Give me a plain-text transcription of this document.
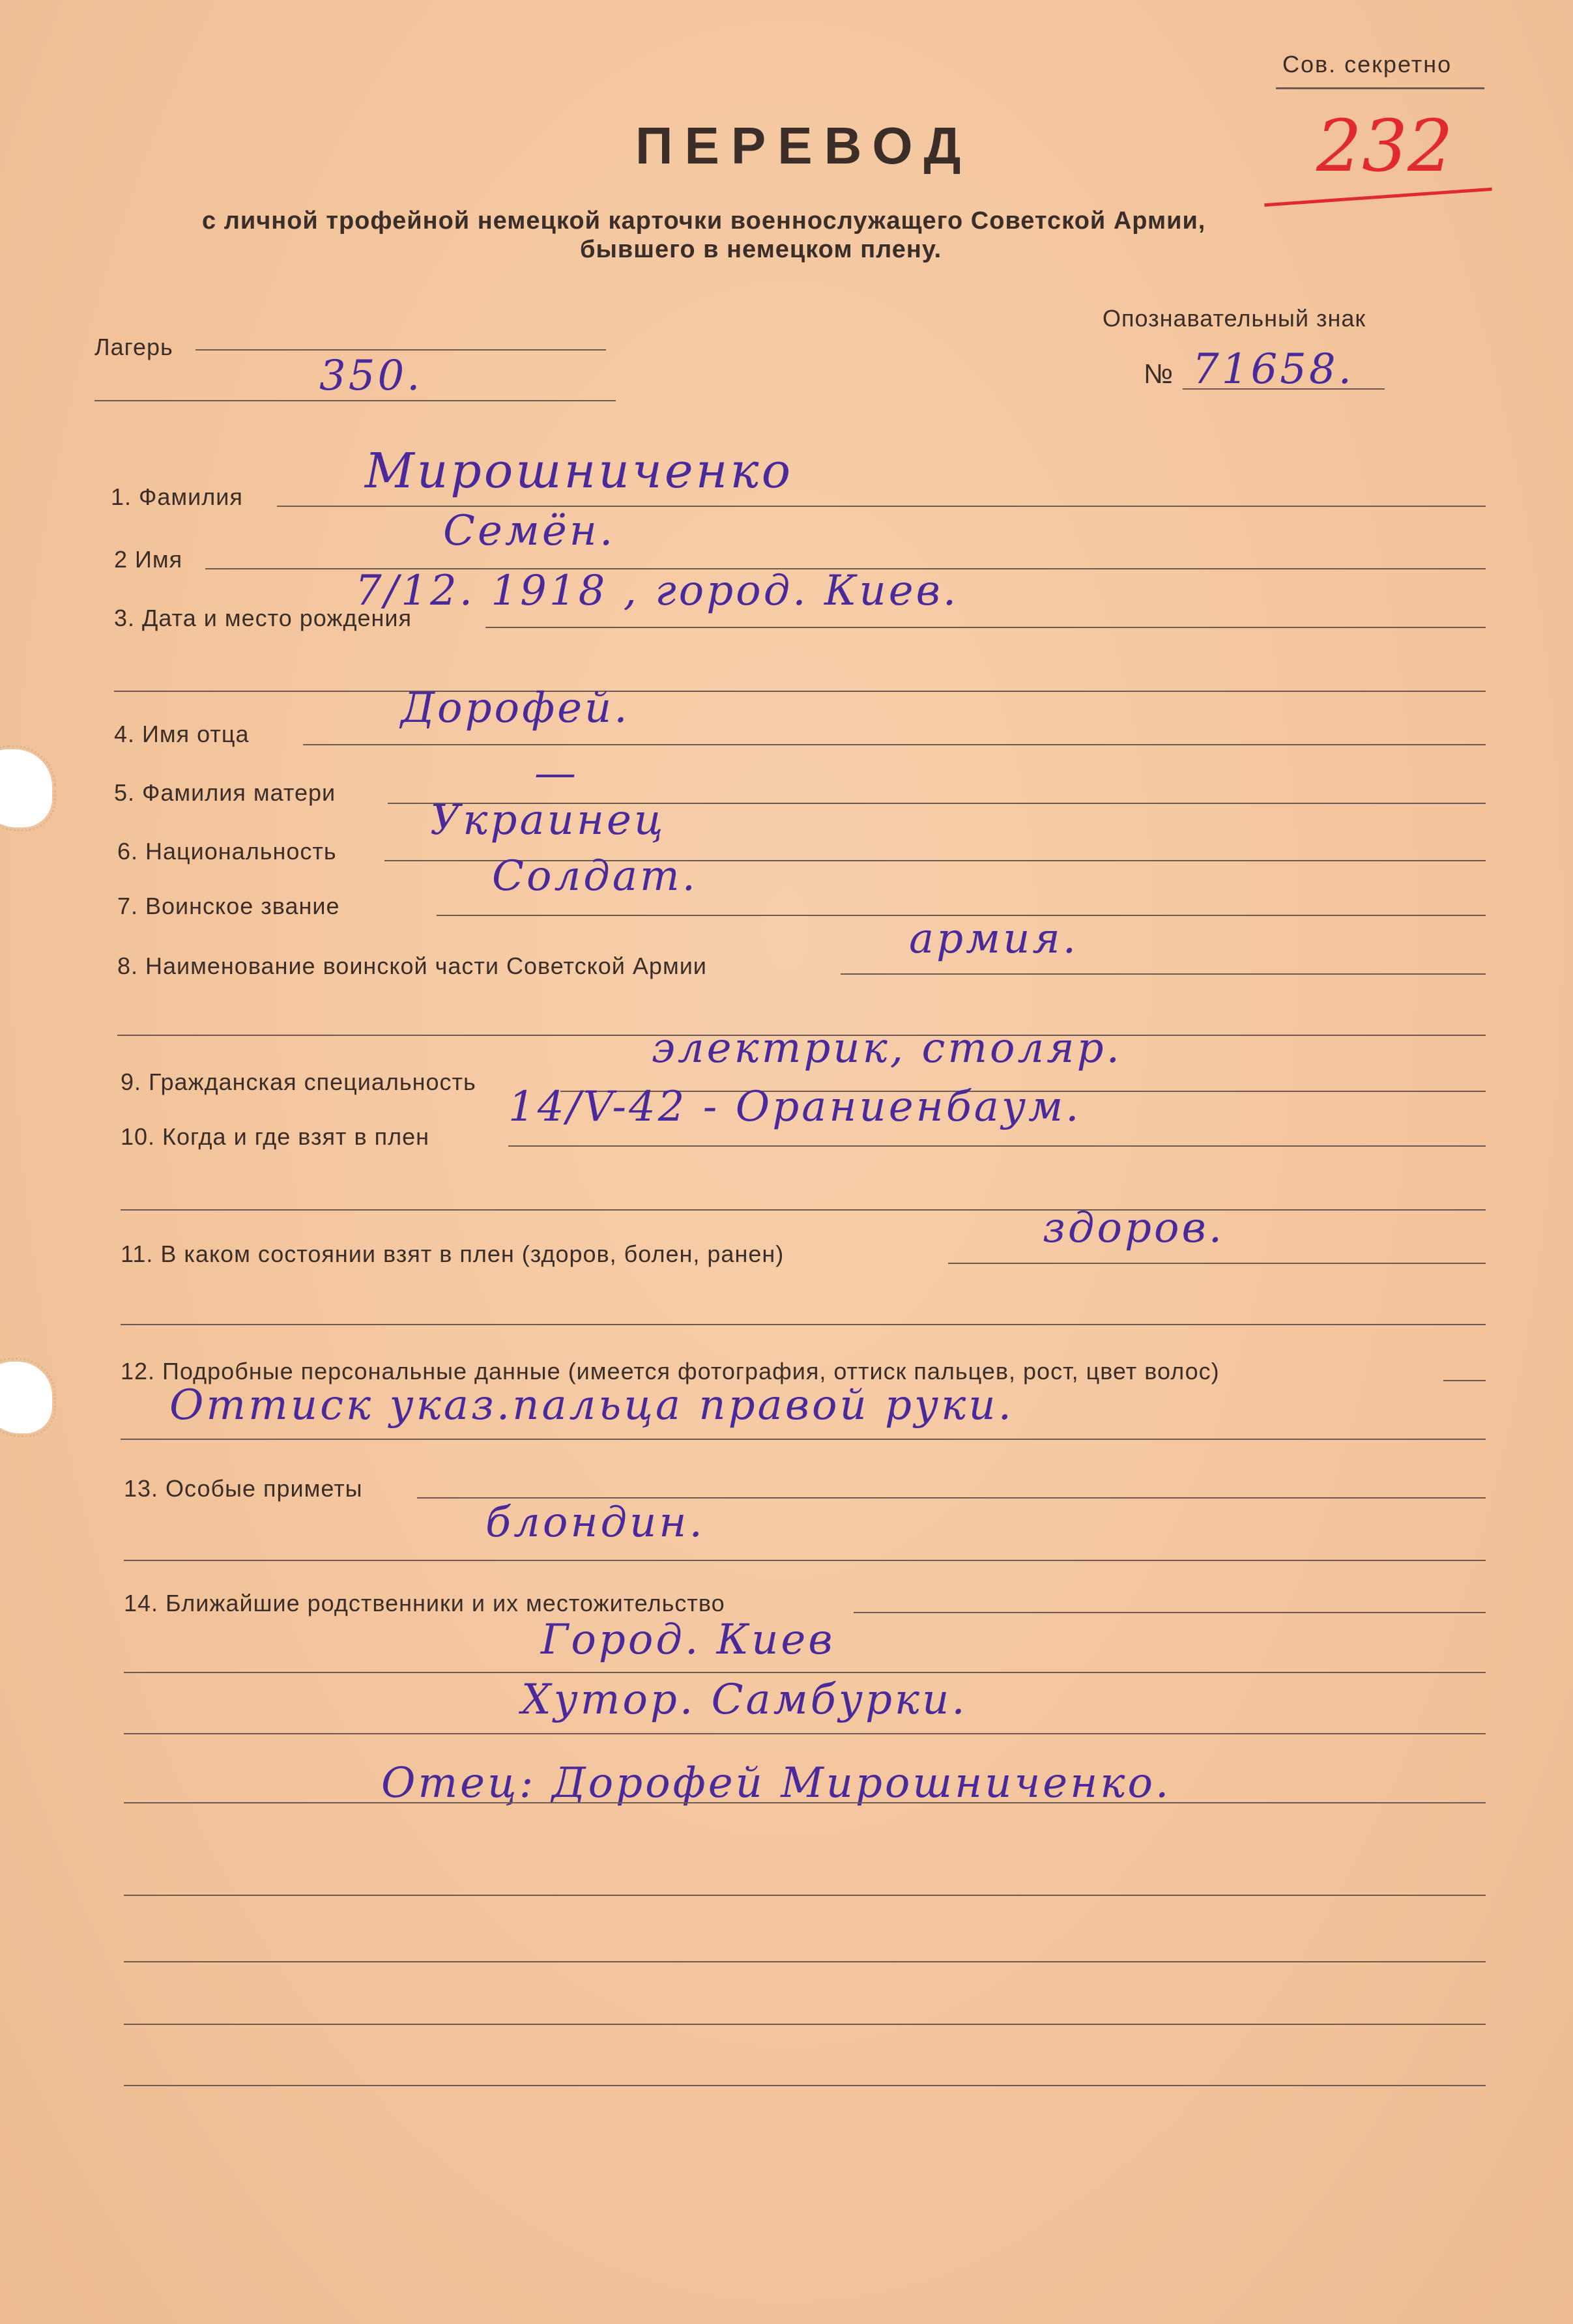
Сов. секретно
232
ПЕРЕВОД
с личной трофейной немецкой карточки военнослужащего Советской Армии,
бывшего в немецком плену.
Лагерь
350.
Опознавательный знак
№ 71658.
1. Фамилия	Мирошниченко
2 Имя
Семён.
3. Дата и место рождения
7/12. 1918 , город. Киев.
4. Имя отца
Дорофей.
5. Фамилия матери	—
6. Национальность
Украинец
7. Воинское звание
Солдат.
8. Наименование воинской части Советской Армии
армия.
9. Гражданская специальность
электрик, столяр.
10. Когда и где взят в плен
14/V-42 - Ораниенбаум.
11. В каком состоянии взят в плен (здоров, болен, ранен)
здоров.
12. Подробные персональные данные (имеется фотография, оттиск пальцев, рост, цвет волос)
Оттиск указ.пальца правой руки.
13. Особые приметы
блондин.
14. Ближайшие родственники и их местожительство
Город. Киев
Хутор. Самбурки.
Отец: Дорофей Мирошниченко.
